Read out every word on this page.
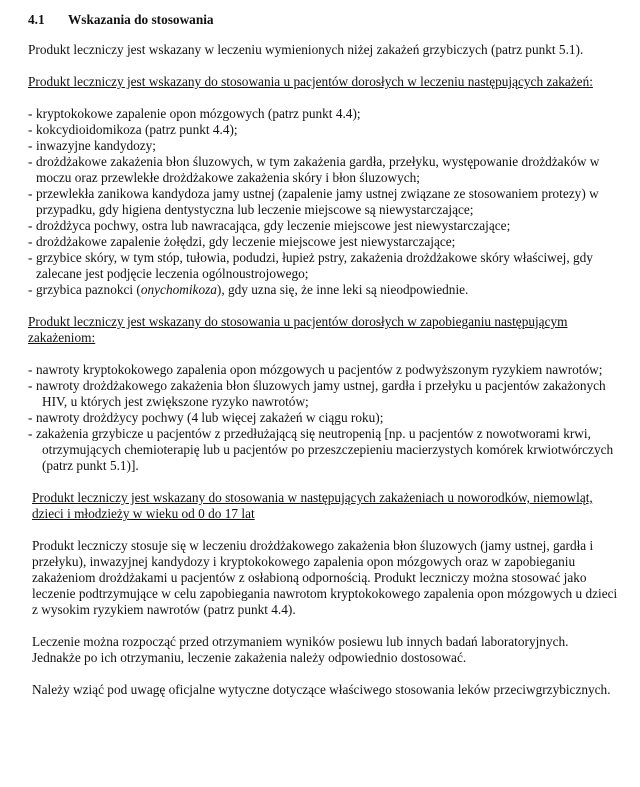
4.1 Wskazania do stosowania

Produkt leczniczy jest wskazany w leczeniu wymienionych niżej zakażeń grzybiczych (patrz punkt 5.1).

Produkt leczniczy jest wskazany do stosowania u pacjentów dorosłych w leczeniu następujących zakażeń:

- kryptokokowe zapalenie opon mózgowych (patrz punkt 4.4);
- kokcydioidomikoza (patrz punkt 4.4);
- inwazyjne kandydozy;
- drożdżakowe zakażenia błon śluzowych, w tym zakażenia gardła, przełyku, występowanie drożdżaków w moczu oraz przewlekłe drożdżakowe zakażenia skóry i błon śluzowych;
- przewlekła zanikowa kandydoza jamy ustnej (zapalenie jamy ustnej związane ze stosowaniem protezy) w przypadku, gdy higiena dentystyczna lub leczenie miejscowe są niewystarczające;
- drożdżyca pochwy, ostra lub nawracająca, gdy leczenie miejscowe jest niewystarczające;
- drożdżakowe zapalenie żołędzi, gdy leczenie miejscowe jest niewystarczające;
- grzybice skóry, w tym stóp, tułowia, podudzi, łupież pstry, zakażenia drożdżakowe skóry właściwej, gdy zalecane jest podjęcie leczenia ogólnoustrojowego;
- grzybica paznokci (onychomikoza), gdy uzna się, że inne leki są nieodpowiednie.

Produkt leczniczy jest wskazany do stosowania u pacjentów dorosłych w zapobieganiu następującym zakażeniom:

- nawroty kryptokokowego zapalenia opon mózgowych u pacjentów z podwyższonym ryzykiem nawrotów;
- nawroty drożdżakowego zakażenia błon śluzowych jamy ustnej, gardła i przełyku u pacjentów zakażonych HIV, u których jest zwiększone ryzyko nawrotów;
- nawroty drożdżycy pochwy (4 lub więcej zakażeń w ciągu roku);
- zakażenia grzybicze u pacjentów z przedłużającą się neutropenią [np. u pacjentów z nowotworami krwi, otrzymujących chemioterapię lub u pacjentów po przeszczepieniu macierzystych komórek krwiotwórczych (patrz punkt 5.1)].

Produkt leczniczy jest wskazany do stosowania w następujących zakażeniach u noworodków, niemowląt, dzieci i młodzieży w wieku od 0 do 17 lat

Produkt leczniczy stosuje się w leczeniu drożdżakowego zakażenia błon śluzowych (jamy ustnej, gardła i przełyku), inwazyjnej kandydozy i kryptokokowego zapalenia opon mózgowych oraz w zapobieganiu zakażeniom drożdżakami u pacjentów z osłabioną odpornością. Produkt leczniczy można stosować jako leczenie podtrzymujące w celu zapobiegania nawrotom kryptokokowego zapalenia opon mózgowych u dzieci z wysokim ryzykiem nawrotów (patrz punkt 4.4).

Leczenie można rozpocząć przed otrzymaniem wyników posiewu lub innych badań laboratoryjnych. Jednakże po ich otrzymaniu, leczenie zakażenia należy odpowiednio dostosować.

Należy wziąć pod uwagę oficjalne wytyczne dotyczące właściwego stosowania leków przeciwgrzybicznych.
